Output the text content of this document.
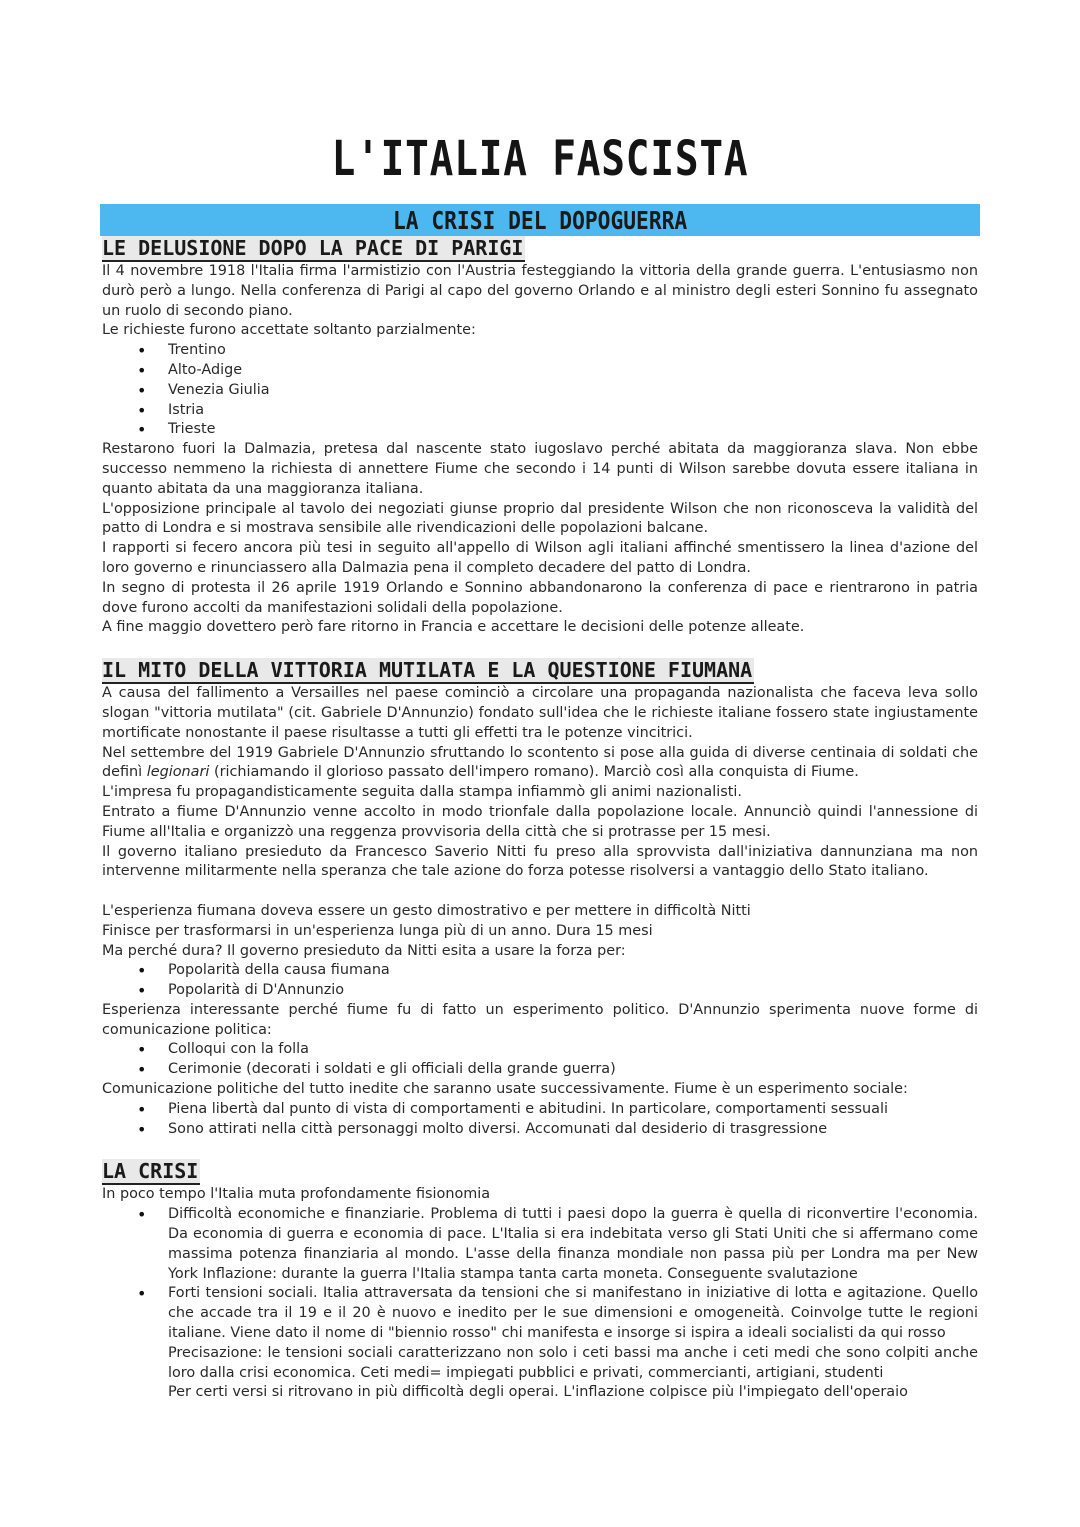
L'ITALIA FASCISTA
LA CRISI DEL DOPOGUERRA
LE DELUSIONE DOPO LA PACE DI PARIGI

Il 4 novembre 1918 l'Italia firma l'armistizio con l'Austria festeggiando la vittoria della grande guerra. L'entusiasmo non durò però a lungo. Nella conferenza di Parigi al capo del governo Orlando e al ministro degli esteri Sonnino fu assegnato un ruolo di secondo piano.

Le richieste furono accettate soltanto parzialmente:

• Trentino
• Alto-Adige
• Venezia Giulia
• Istria
• Trieste

Restarono fuori la Dalmazia, pretesa dal nascente stato iugoslavo perché abitata da maggioranza slava. Non ebbe successo nemmeno la richiesta di annettere Fiume che secondo i 14 punti di Wilson sarebbe dovuta essere italiana in quanto abitata da una maggioranza italiana.

L'opposizione principale al tavolo dei negoziati giunse proprio dal presidente Wilson che non riconosceva la validità del patto di Londra e si mostrava sensibile alle rivendicazioni delle popolazioni balcane.

I rapporti si fecero ancora più tesi in seguito all'appello di Wilson agli italiani affinché smentissero la linea d'azione del loro governo e rinunciassero alla Dalmazia pena il completo decadere del patto di Londra.

In segno di protesta il 26 aprile 1919 Orlando e Sonnino abbandonarono la conferenza di pace e rientrarono in patria dove furono accolti da manifestazioni solidali della popolazione.

A fine maggio dovettero però fare ritorno in Francia e accettare le decisioni delle potenze alleate.

IL MITO DELLA VITTORIA MUTILATA E LA QUESTIONE FIUMANA

A causa del fallimento a Versailles nel paese cominciò a circolare una propaganda nazionalista che faceva leva sollo slogan "vittoria mutilata" (cit. Gabriele D'Annunzio) fondato sull'idea che le richieste italiane fossero state ingiustamente mortificate nonostante il paese risultasse a tutti gli effetti tra le potenze vincitrici.

Nel settembre del 1919 Gabriele D'Annunzio sfruttando lo scontento si pose alla guida di diverse centinaia di soldati che definì legionari (richiamando il glorioso passato dell'impero romano). Marciò così alla conquista di Fiume.

L'impresa fu propagandisticamente seguita dalla stampa infiammò gli animi nazionalisti.

Entrato a fiume D'Annunzio venne accolto in modo trionfale dalla popolazione locale. Annunciò quindi l'annessione di Fiume all'Italia e organizzò una reggenza provvisoria della città che si protrasse per 15 mesi.

Il governo italiano presieduto da Francesco Saverio Nitti fu preso alla sprovvista dall'iniziativa dannunziana ma non intervenne militarmente nella speranza che tale azione do forza potesse risolversi a vantaggio dello Stato italiano.

L'esperienza fiumana doveva essere un gesto dimostrativo e per mettere in difficoltà Nitti

Finisce per trasformarsi in un'esperienza lunga più di un anno. Dura 15 mesi

Ma perché dura? Il governo presieduto da Nitti esita a usare la forza per:

• Popolarità della causa fiumana
• Popolarità di D'Annunzio

Esperienza interessante perché fiume fu di fatto un esperimento politico. D'Annunzio sperimenta nuove forme di comunicazione politica:

• Colloqui con la folla
• Cerimonie (decorati i soldati e gli officiali della grande guerra)

Comunicazione politiche del tutto inedite che saranno usate successivamente. Fiume è un esperimento sociale:

• Piena libertà dal punto di vista di comportamenti e abitudini. In particolare, comportamenti sessuali
• Sono attirati nella città personaggi molto diversi. Accomunati dal desiderio di trasgressione
LA CRISI

In poco tempo l'Italia muta profondamente fisionomia

• Difficoltà economiche e finanziarie. Problema di tutti i paesi dopo la guerra è quella di riconvertire l'economia. Da economia di guerra e economia di pace. L'Italia si era indebitata verso gli Stati Uniti che si affermano come massima potenza finanziaria al mondo. L'asse della finanza mondiale non passa più per Londra ma per New York Inflazione: durante la guerra l'Italia stampa tanta carta moneta. Conseguente svalutazione
• Forti tensioni sociali. Italia attraversata da tensioni che si manifestano in iniziative di lotta e agitazione. Quello che accade tra il 19 e il 20 è nuovo e inedito per le sue dimensioni e omogeneità. Coinvolge tutte le regioni italiane. Viene dato il nome di "biennio rosso" chi manifesta e insorge si ispira a ideali socialisti da qui rosso
Precisazione: le tensioni sociali caratterizzano non solo i ceti bassi ma anche i ceti medi che sono colpiti anche loro dalla crisi economica. Ceti medi= impiegati pubblici e privati, commercianti, artigiani, studenti
Per certi versi si ritrovano in più difficoltà degli operai. L'inflazione colpisce più l'impiegato dell'operaio
